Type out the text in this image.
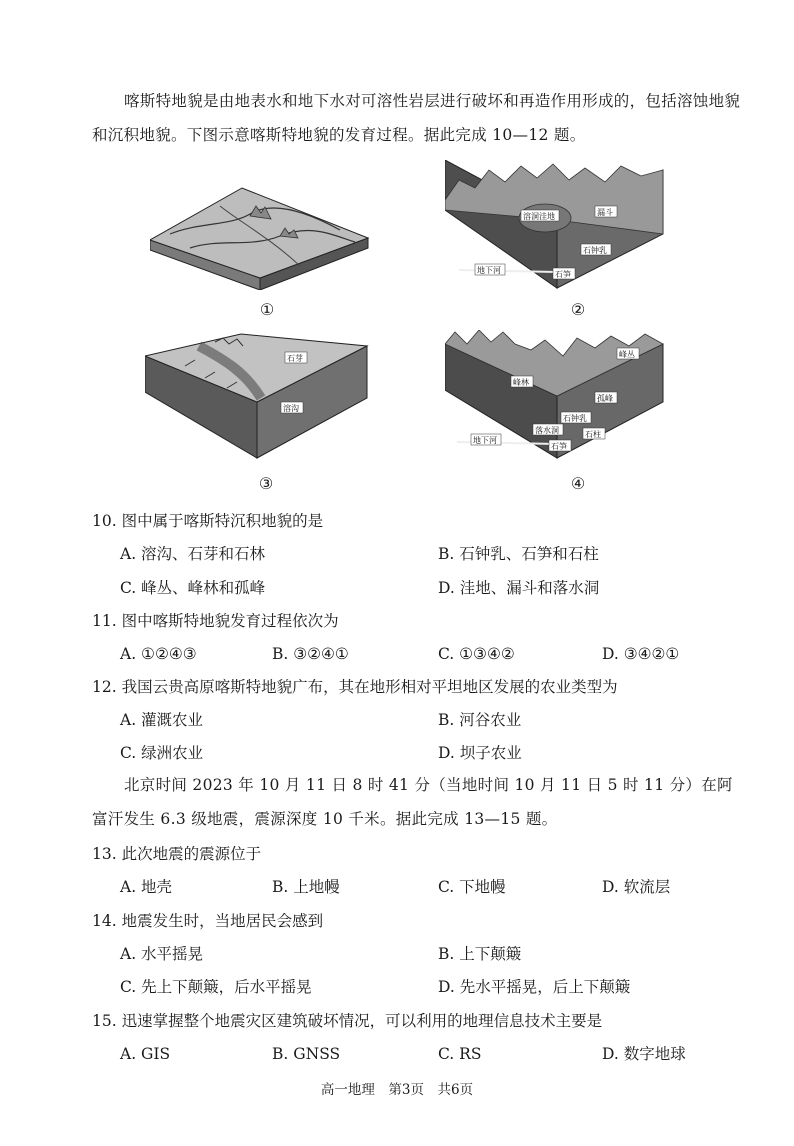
喀斯特地貌是由地表水和地下水对可溶性岩层进行破坏和再造作用形成的，包括溶蚀地貌和沉积地貌。下图示意喀斯特地貌的发育过程。据此完成 10—12 题。
①
溶洞洼地	漏斗
石钟乳
地下河	石笋
②
石芽
溶沟
③
峰丛
峰林
孤峰
石钟乳
落水洞
地下河
石笋
石柱
④
10. 图中属于喀斯特沉积地貌的是
A. 溶沟、石芽和石林	B. 石钟乳、石笋和石柱
C. 峰丛、峰林和孤峰	D. 洼地、漏斗和落水洞
11. 图中喀斯特地貌发育过程依次为
A. ①②④③	B. ③②④①	C. ①③④②	D. ③④②①
12. 我国云贵高原喀斯特地貌广布，其在地形相对平坦地区发展的农业类型为
A. 灌溉农业	B. 河谷农业
C. 绿洲农业	D. 坝子农业
北京时间 2023 年 10 月 11 日 8 时 41 分（当地时间 10 月 11 日 5 时 11 分）在阿富汗发生 6.3 级地震，震源深度 10 千米。据此完成 13—15 题。
13. 此次地震的震源位于
A. 地壳	B. 上地幔	C. 下地幔	D. 软流层
14. 地震发生时，当地居民会感到
A. 水平摇晃	B. 上下颠簸
C. 先上下颠簸，后水平摇晃	D. 先水平摇晃，后上下颠簸
15. 迅速掌握整个地震灾区建筑破坏情况，可以利用的地理信息技术主要是
A. GIS	B. GNSS	C. RS	D. 数字地球
高一地理　第3页　共6页
